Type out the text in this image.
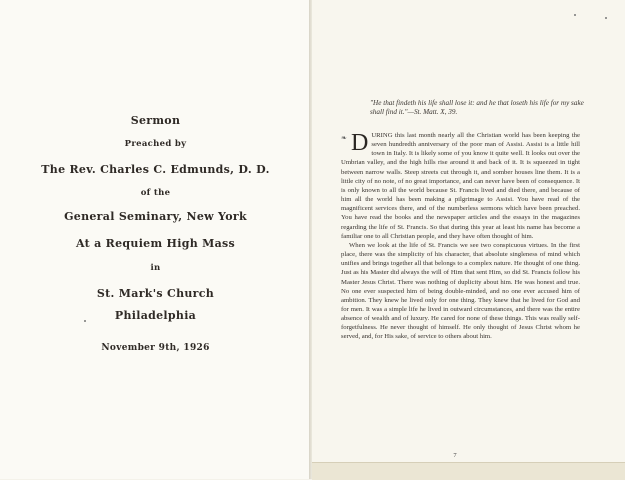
Sermon
Preached by
The Rev. Charles C. Edmunds, D. D.
of the
General Seminary, New York
At a Requiem High Mass
in
St. Mark's Church
Philadelphia
November 9th, 1926
"He that findeth his life shall lose it: and he that loseth his life for my sake shall find it."—St. Matt. X, 39.

❧ D URING this last month nearly all the Christian world has been keeping the seven hundredth anniversary of the poor man of Assisi. Assisi is a little hill town in Italy. It is likely some of you know it quite well. It looks out over the Umbrian valley, and the high hills rise around it and back of it. It is squeezed in tight between narrow walls. Steep streets cut through it, and somber houses line them. It is a little city of no note, of no great importance, and can never have been of consequence. It is only known to all the world because St. Francis lived and died there, and because of him all the world has been making a pilgrimage to Assisi. You have read of the magnificent services there, and of the numberless sermons which have been preached. You have read the books and the newspaper articles and the essays in the magazines regarding the life of St. Francis. So that during this year at least his name has become a familiar one to all Christian people, and they have often thought of him.

When we look at the life of St. Francis we see two conspicuous virtues. In the first place, there was the simplicity of his character, that absolute singleness of mind which unifies and brings together all that belongs to a complex nature. He thought of one thing. Just as his Master did always the will of Him that sent Him, so did St. Francis follow his Master Jesus Christ. There was nothing of duplicity about him. He was honest and true. No one ever suspected him of being double-minded, and no one ever accused him of ambition. They knew he lived only for one thing. They knew that he lived for God and for men. It was a simple life he lived in outward circumstances, and there was the entire absence of wealth and of luxury. He cared for none of these things. This was really self-forgetfulness. He never thought of himself. He only thought of Jesus Christ whom he served, and, for His sake, of service to others about him.

7
